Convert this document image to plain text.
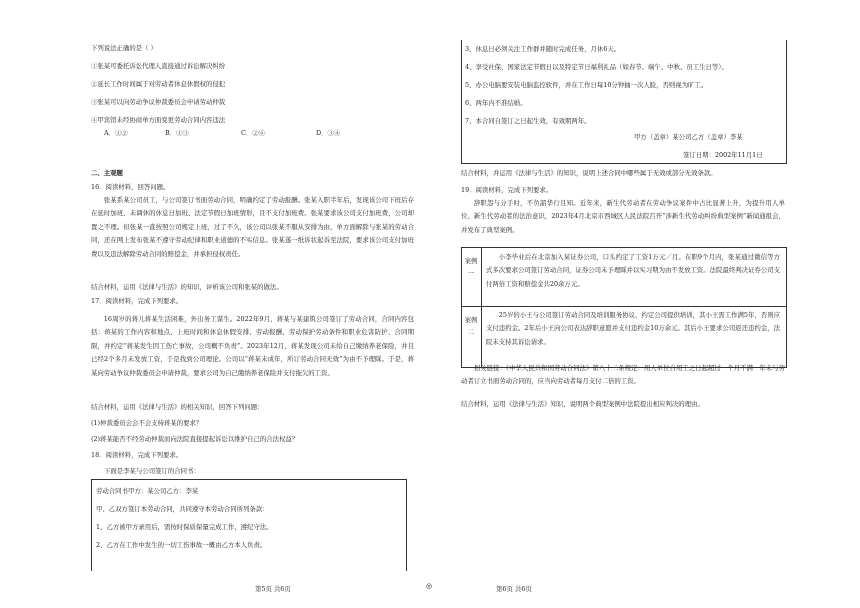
下列说法正确的是（ ）
①张某可委托诉讼代理人直接通过诉讼解决纠纷
②延长工作时间属于对劳动者休息休假权的侵犯
③张某可以向劳动争议仲裁委员会申请劳动仲裁
④甲宾馆未经协商单方面变更劳动合同内容违法
A．①②	B．①③	C．②④	D．③④
二、主观题
16．阅读材料，回答问题。
张某系某公司员工，与公司签订书面劳动合同，明确约定了劳动报酬。张某入职半年后，发现该公司下班后存在延时加班、未调休的休息日加班、法定节假日加班情形，且不支付加班费。张某要求该公司支付加班费，公司却置之不理。但张某一直按照公司规定上班，过了不久，该公司以张某不服从安排为由，单方面解除与张某的劳动合同，还在网上发布张某不遵守劳动纪律和职业道德的不实信息。张某遂一纸诉状起诉至法院，要求该公司支付加班费以及违法解除劳动合同的赔偿金，并承担侵权责任。
结合材料，运用《法律与生活》的知识，评析该公司和张某的做法。
17．阅读材料，完成下列要求。
16周岁的蒋儿蒋某生活困难，外出务工谋生。2022年9月，蒋某与某建筑公司签订了劳动合同，合同内容包括：蒋某的工作内容和地点、上班时间和休息休假安排、劳动报酬、劳动保护劳动条件和职业危害防护、合同期限，并约定“蒋某发生因工伤亡事故，公司概不负责”。2023年12月，蒋某发现公司未给自己缴纳养老保险，并且已经2个多月未发放工资，于是找到公司理论。公司以“蒋某未成年，所订劳动合同无效”为由不予理睬。于是，蒋某向劳动争议仲裁委员会申请仲裁，要求公司为自己缴纳养老保险并支付拖欠的工资。
结合材料，运用《法律与生活》的相关知识，回答下列问题：
(1)仲裁委员会会不会支持蒋某的要求？
(2)蒋某能否不经劳动仲裁而向法院直接提起诉讼以维护自己的合法权益？
18．阅读材料，完成下列要求。
下面是李某与公司签订的合同书：
劳动合同书甲方：某公司乙方：李某
甲、乙双方签订本劳动合同，共同遵守本劳动合同所列条款：
1、乙方被甲方录用后，需按时保质保量完成工作，遵纪守法。
2、乙方在工作中发生的一切工伤事故一概由乙方本人负责。
第5页 共6页	◎
3、休息日必须关注工作群并随时完成任务，月休6天。
4、享受社保、国家法定节假日以及特定节日福利礼品（如春节、端午、中秋、员工生日等）。
5、办公电脑要安装电脑监控软件，并在工作日每10分钟抽一次人脸，否则视为旷工。
6、两年内不准结婚。
7、本合同自签订之日起生效，有效期两年。
甲方（盖章）某公司乙方（盖章）李某
签订日期：2002年11月1日
结合材料，并运用《法律与生活》的知识，说明上述合同中哪些属于无效或部分无效条款。
19．阅读材料，完成下列要求。
辞职怨与分手时，不负韶华行且知。近年来，新生代劳动者在劳动争议案件中占比显著上升，为提升用人单位、新生代劳动者的法治意识，2023年4月北京市西城区人民法院召开“涉新生代劳动纠纷典型案例”新闻通报会，并发布了典型案例。
案例一
小李毕业后在北京加入某证券公司，口头约定了工资1万元／月。在职9个月内，张某通过微信等方式多次要求公司签订劳动合同，证券公司未予理睬并以实习期为由不发放工资。法院最终判决证券公司支付两倍工资和赔偿金共20余万元。
案例二
25岁的小王与公司签订劳动合同及培训服务协议，约定公司提供培训，其小王需工作满5年，否则应支付违约金。2年后小王向公司表达辞职意愿并支付违约金10万余元。其后小王要求公司返还违约金，法院未支持其诉讼请求。
相关链接：《中华人民共和国劳动合同法》第八十二条规定：用人单位自用工之日起超过一个月不满一年未与劳动者订立书面劳动合同的，应当向劳动者每月支付二倍的工资。
结合材料，运用《法律与生活》知识，说明两个典型案例中法院提出相应判决的理由。
第6页 共6页
